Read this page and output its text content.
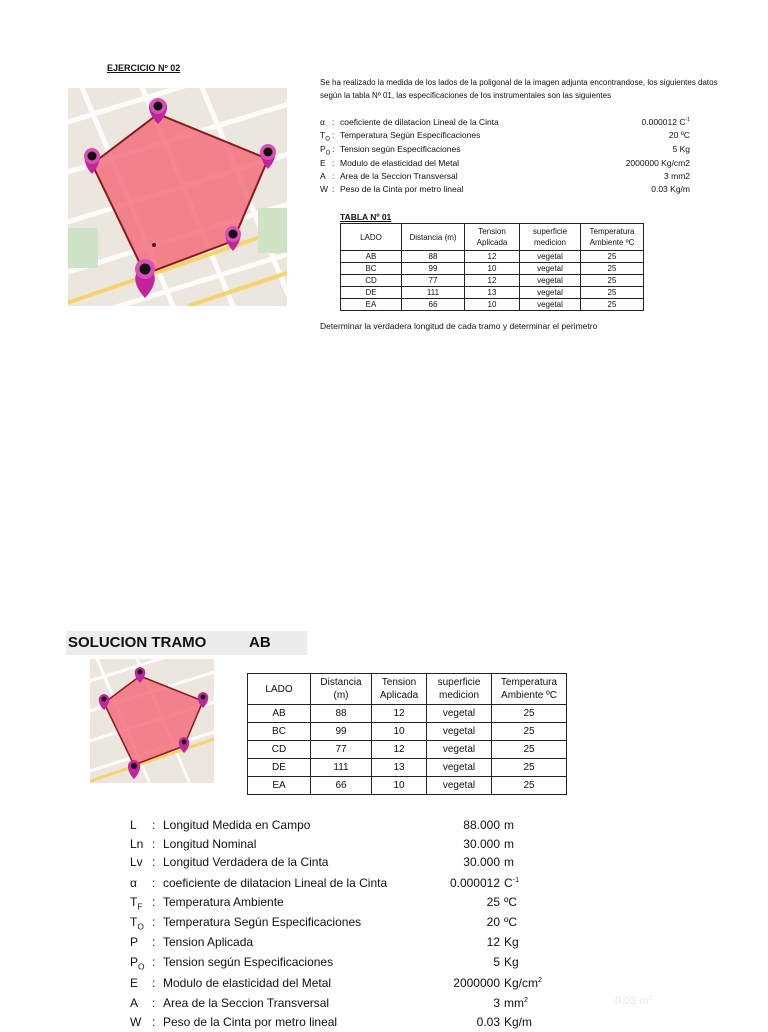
EJERCICIO Nº 02
Se ha realizado la medida de los lados de la poligonal de la imagen adjunta encontrandose, los siguientes datos según la tabla Nº 01, las especificaciones de los instrumentales son las siguientes
α : coeficiente de dilatacion Lineal de la Cinta	0.000012 $C^{-1}$
$T_O$ : Temperatura Según Especificaciones	20 ºC
$P_O$ : Tension según Especificaciones	5 Kg
E : Modulo de elasticidad del Metal	2000000 Kg/cm2
A : Area de la Seccion Transversal	3 mm2
W : Peso de la Cinta por metro lineal	0.03 Kg/m
TABLA Nº 01
LADO	Distancia (m)	Tension Aplicada	superficie medicion	Temperatura Ambiente ºC
AB	88	12	vegetal	25
BC	99	10	vegetal	25
CD	77	12	vegetal	25
DE	111	13	vegetal	25
EA	66	10	vegetal	25
Determinar la verdadera longitud de cada tramo y determinar el perimetro
SOLUCION TRAMO	AB
LADO	Distancia (m)	Tension Aplicada	superficie medicion	Temperatura Ambiente ºC
AB	88	12	vegetal	25
BC	99	10	vegetal	25
CD	77	12	vegetal	25
DE	111	13	vegetal	25
EA	66	10	vegetal	25
L : Longitud Medida en Campo	88.000 m
Ln : Longitud Nominal	30.000 m
Lv : Longitud Verdadera de la Cinta	30.000 m
α : coeficiente de dilatacion Lineal de la Cinta	0.000012 $C^{-1}$
$T_F$ : Temperatura Ambiente	25 ºC
$T_O$ : Temperatura Según Especificaciones	20 ºC
P : Tension Aplicada	12 Kg
$P_O$ : Tension según Especificaciones	5 Kg
E : Modulo de elasticidad del Metal	2000000 $Kg/cm^2$
A : Area de la Seccion Transversal	3 $mm^2$
W : Peso de la Cinta por metro lineal	0.03 Kg/m
0.03 $m^2$
